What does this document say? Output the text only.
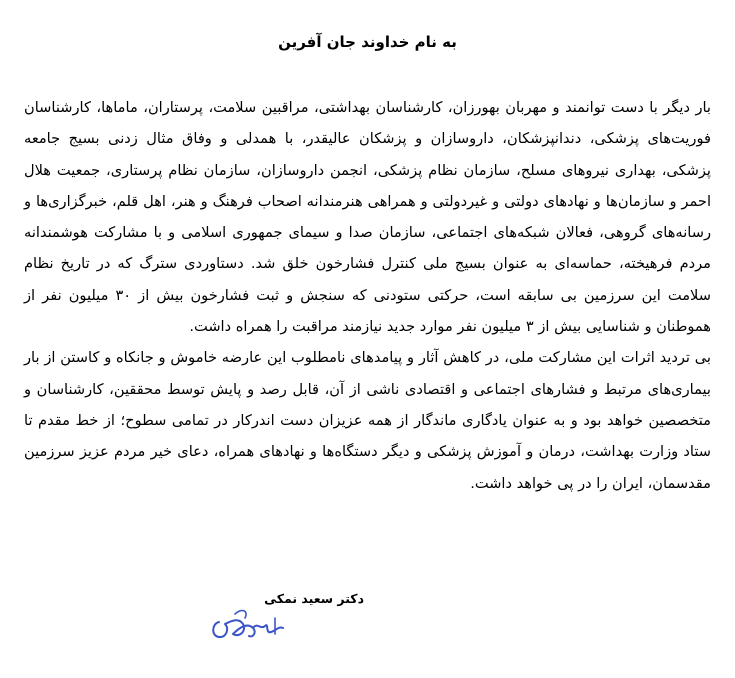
به نام خداوند جان آفرین

بار دیگر با دست توانمند و مهربان بهورزان، کارشناسان بهداشتی، مراقبین سلامت، پرستاران، ماماها، کارشناسان فوریت‌های پزشکی، دندانپزشکان، داروسازان و پزشکان عالیقدر، با همدلی و وفاق مثال زدنی بسیج جامعه پزشکی، بهداری نیروهای مسلح، سازمان نظام پزشکی، انجمن داروسازان، سازمان نظام پرستاری، جمعیت هلال احمر و سازمان‌ها و نهادهای دولتی و غیردولتی و همراهی هنرمندانه اصحاب فرهنگ و هنر، اهل قلم، خبرگزاری‌ها و رسانه‌های گروهی، فعالان شبکه‌های اجتماعی، سازمان صدا و سیمای جمهوری اسلامی و با مشارکت هوشمندانه مردم فرهیخته، حماسه‌ای به عنوان بسیج ملی کنترل فشارخون خلق شد. دستاوردی سترگ که در تاریخ نظام سلامت این سرزمین بی سابقه است، حرکتی ستودنی که سنجش و ثبت فشارخون بیش از ۳۰ میلیون نفر از هموطنان و شناسایی بیش از ۳ میلیون نفر موارد جدید نیازمند مراقبت را همراه داشت.

بی تردید اثرات این مشارکت ملی، در کاهش آثار و پیامدهای نامطلوب این عارضه خاموش و جانکاه و کاستن از بار بیماری‌های مرتبط و فشارهای اجتماعی و اقتصادی ناشی از آن، قابل رصد و پایش توسط محققین، کارشناسان و متخصصین خواهد بود و به عنوان یادگاری ماندگار از همه عزیزان دست اندرکار در تمامی سطوح؛ از خط مقدم تا ستاد وزارت بهداشت، درمان و آموزش پزشکی و دیگر دستگاه‌ها و نهادهای همراه، دعای خیر مردم عزیز سرزمین مقدسمان، ایران را در پی خواهد داشت.

دکتر سعید نمکی
